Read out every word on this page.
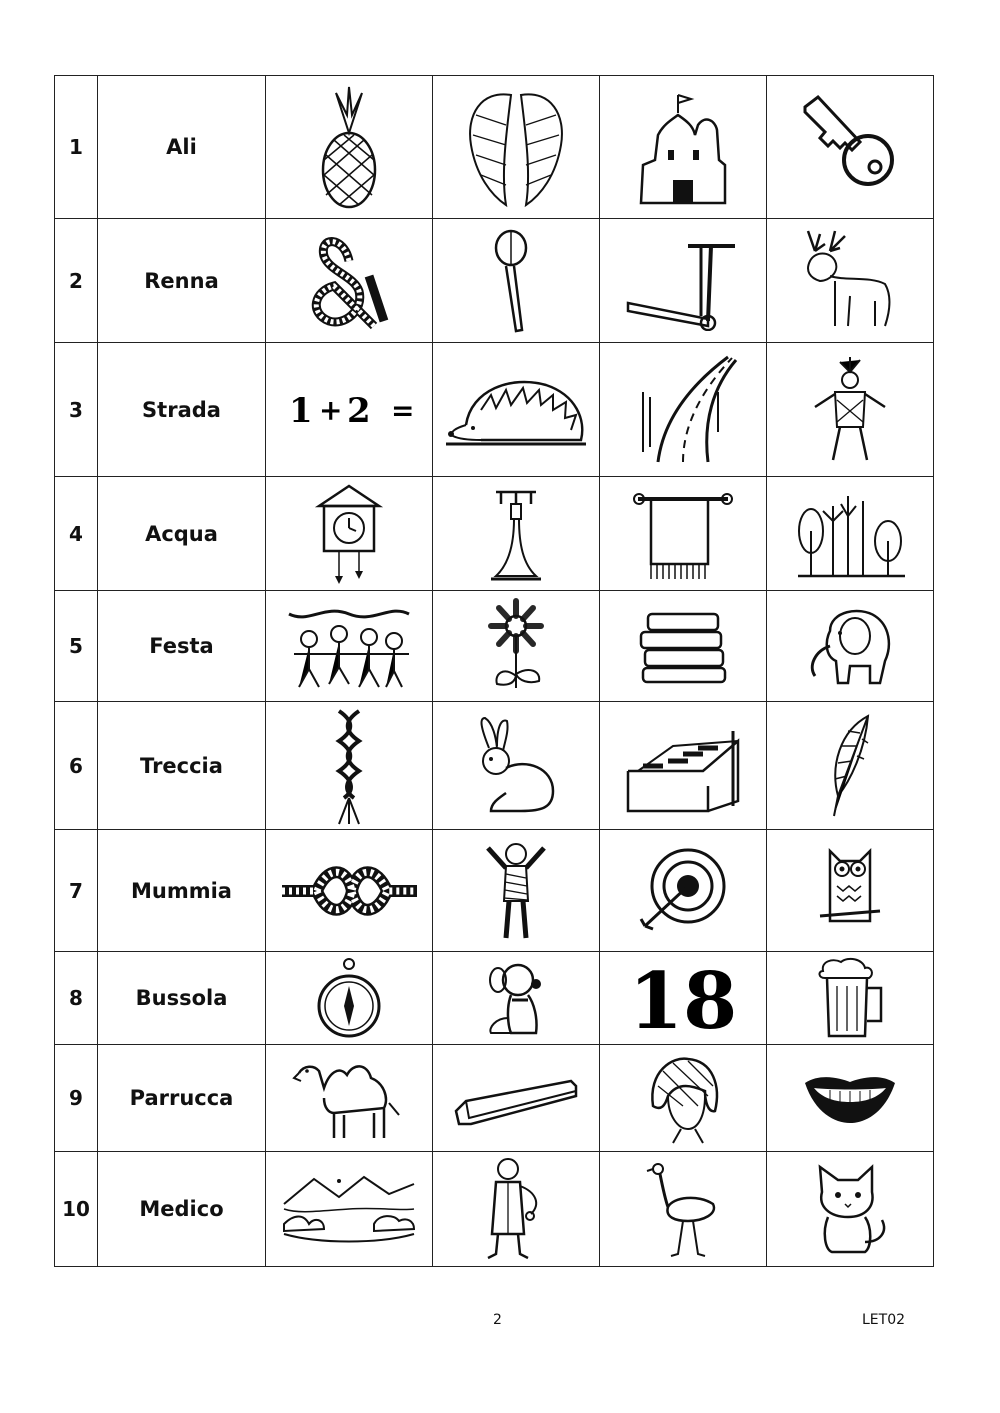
1	Ali	

2	Renna	

3	Strada	1 + 2 =

4	Acqua	

5	Festa	

6	Treccia	

7	Mummia	

8	Bussola			18

9	Parrucca	

10	Medico	

2	LET02
